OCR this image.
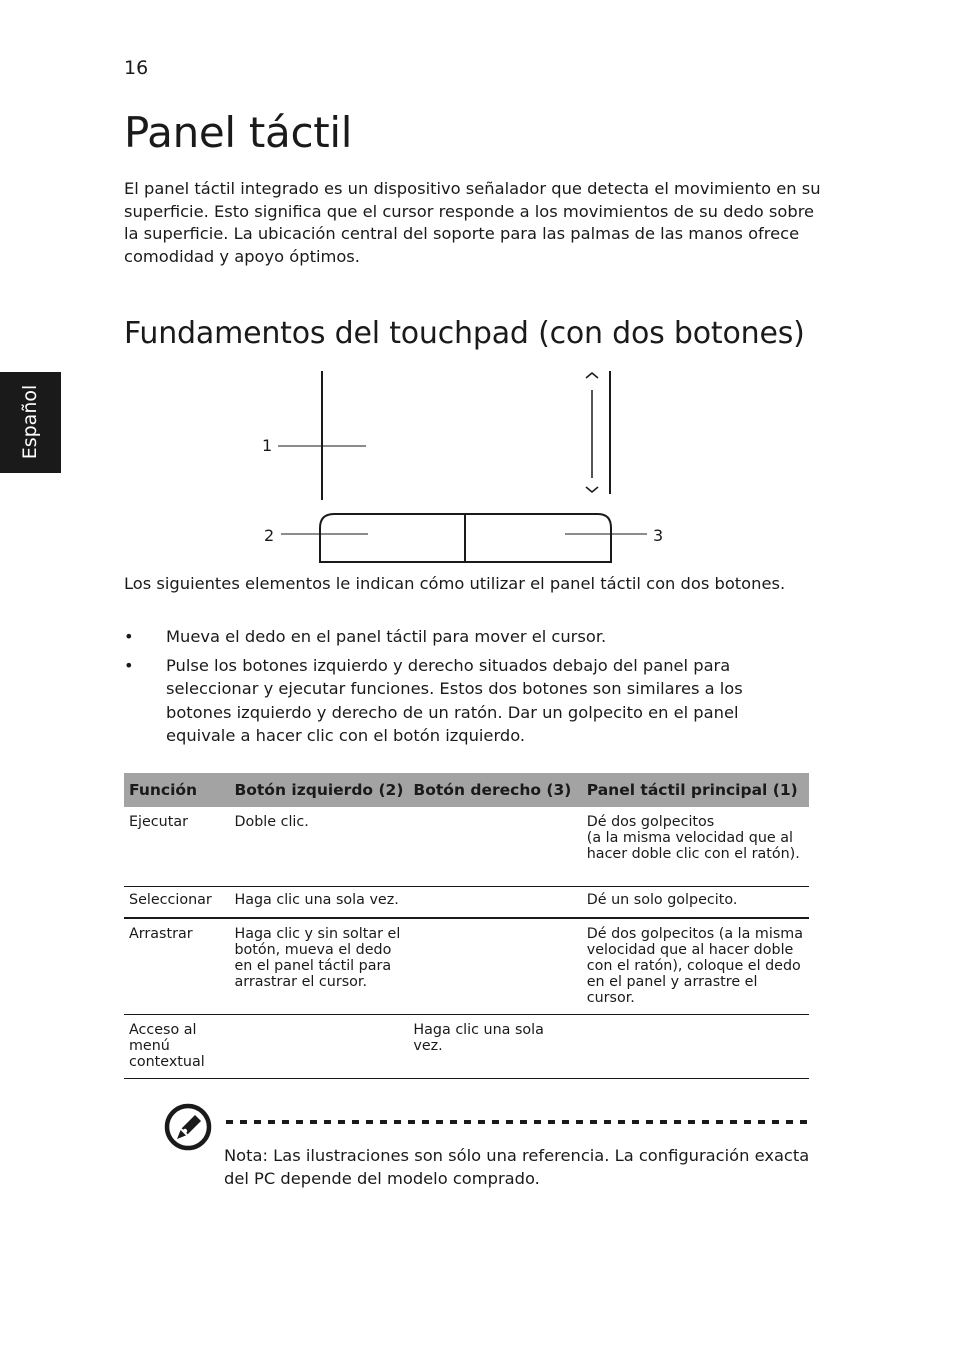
16
Español
Panel táctil

El panel táctil integrado es un dispositivo señalador que detecta el movimiento en su superficie. Esto significa que el cursor responde a los movimientos de su dedo sobre la superficie. La ubicación central del soporte para las palmas de las manos ofrece comodidad y apoyo óptimos.

Fundamentos del touchpad (con dos botones)
1
2	3

Los siguientes elementos le indican cómo utilizar el panel táctil con dos botones.

• Mueva el dedo en el panel táctil para mover el cursor.
• Pulse los botones izquierdo y derecho situados debajo del panel para seleccionar y ejecutar funciones. Estos dos botones son similares a los botones izquierdo y derecho de un ratón. Dar un golpecito en el panel equivale a hacer clic con el botón izquierdo.
Función	Botón izquierdo (2)	Botón derecho (3)	Panel táctil principal (1)
Ejecutar	Doble clic.		Dé dos golpecitos
(a la misma velocidad que al hacer doble clic con el ratón).
Seleccionar	Haga clic una sola vez.		Dé un solo golpecito.
Arrastrar	Haga clic y sin soltar el botón, mueva el dedo en el panel táctil para arrastrar el cursor.		Dé dos golpecitos (a la misma velocidad que al hacer doble con el ratón), coloque el dedo en el panel y arrastre el cursor.
Acceso al menú contextual		Haga clic una sola vez.	

Nota: Las ilustraciones son sólo una referencia. La configuración exacta del PC depende del modelo comprado.
